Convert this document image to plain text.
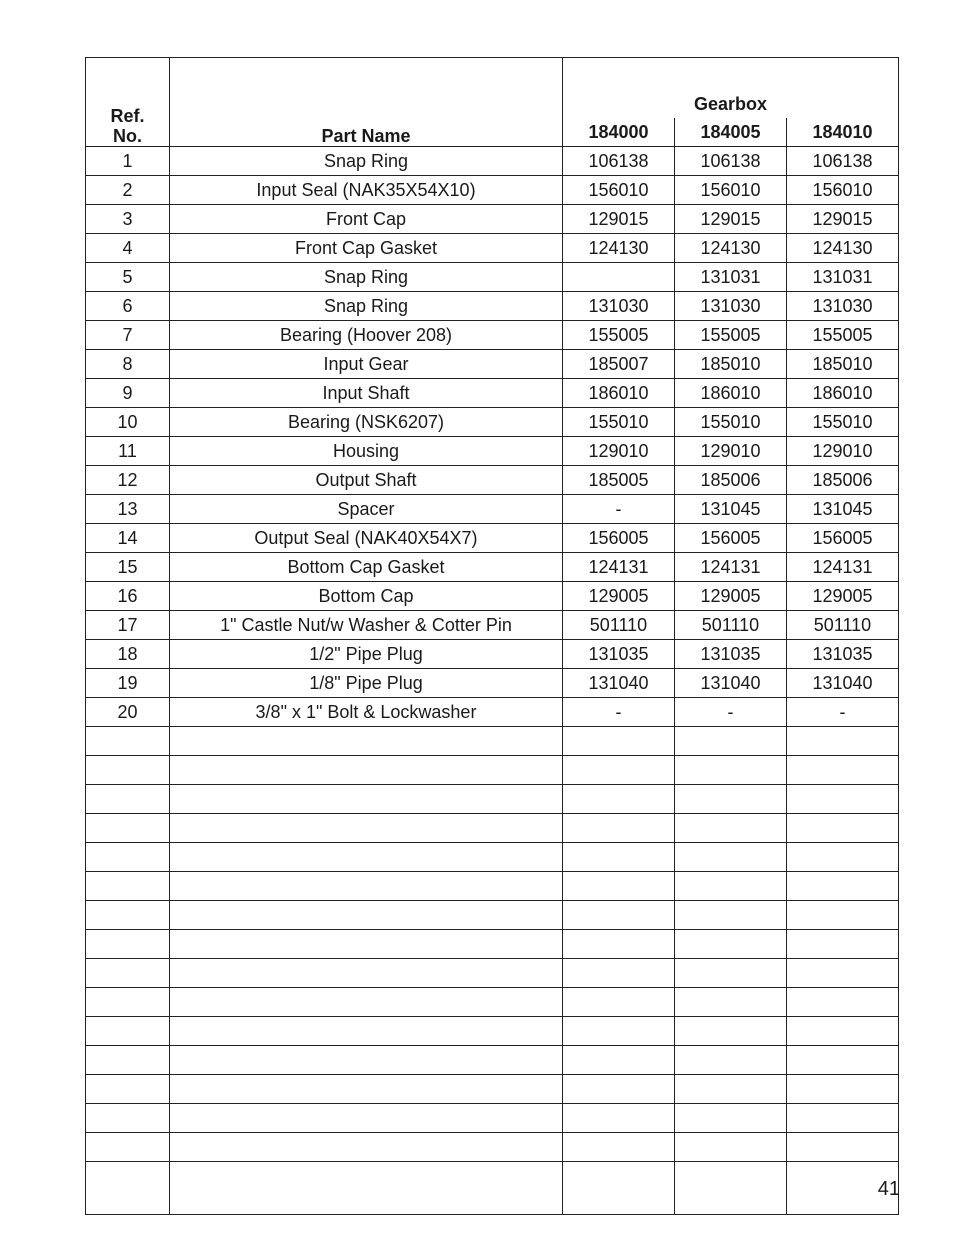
Ref.
No.	Part Name	Gearbox		
		184000	184005	184010
1	Snap Ring	106138	106138	106138
2	Input Seal (NAK35X54X10)	156010	156010	156010
3	Front Cap	129015	129015	129015
4	Front Cap Gasket	124130	124130	124130
5	Snap Ring		131031	131031
6	Snap Ring	131030	131030	131030
7	Bearing (Hoover 208)	155005	155005	155005
8	Input Gear	185007	185010	185010
9	Input Shaft	186010	186010	186010
10	Bearing (NSK6207)	155010	155010	155010
11	Housing	129010	129010	129010
12	Output Shaft	185005	185006	185006
13	Spacer	-	131045	131045
14	Output Seal (NAK40X54X7)	156005	156005	156005
15	Bottom Cap Gasket	124131	124131	124131
16	Bottom Cap	129005	129005	129005
17	1" Castle Nut/w Washer & Cotter Pin	501110	501110	501110
18	1/2" Pipe Plug	131035	131035	131035
19	1/8" Pipe Plug	131040	131040	131040
20	3/8" x 1" Bolt & Lockwasher	-	-	-

41
